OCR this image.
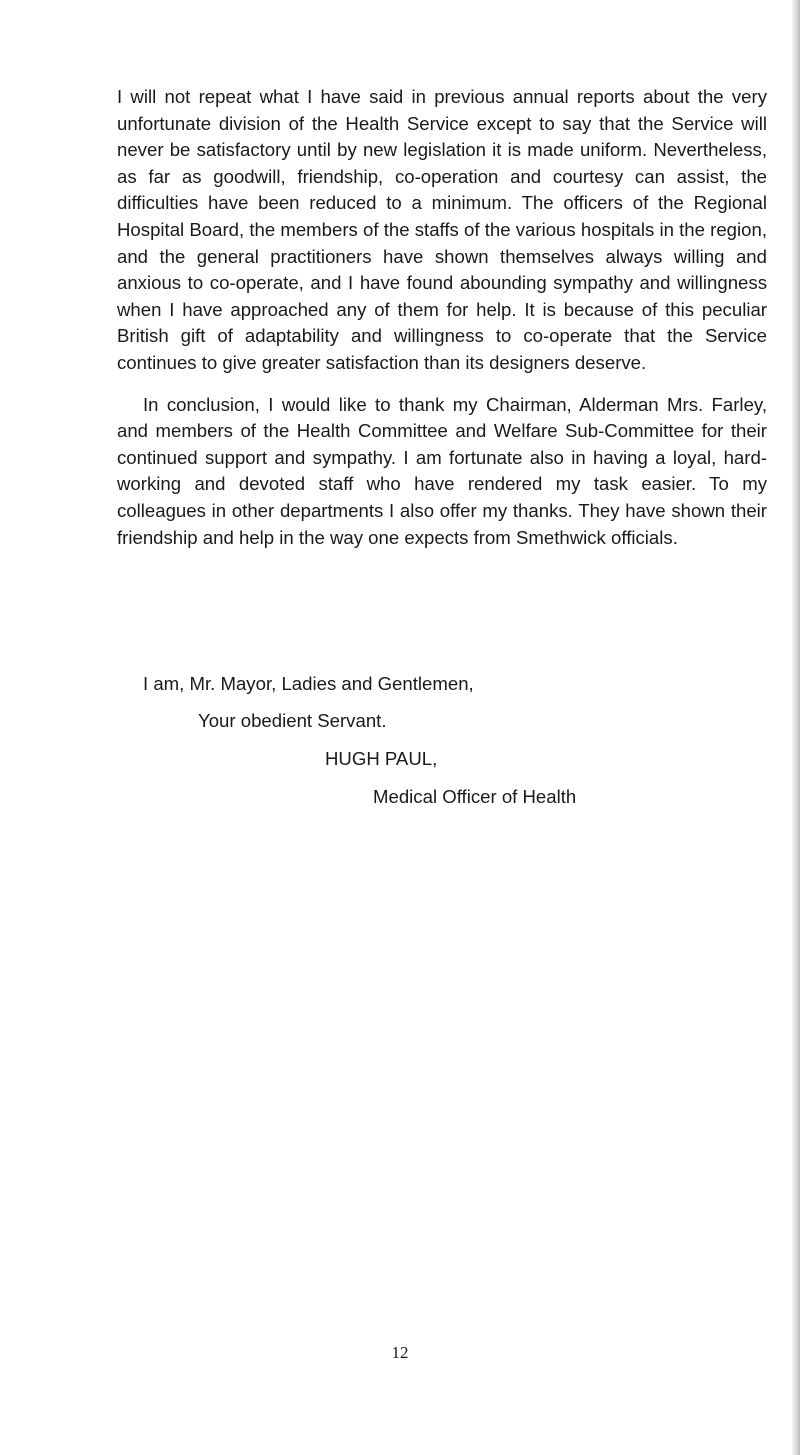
I will not repeat what I have said in previous annual reports about the very unfortunate division of the Health Service except to say that the Service will never be satisfactory until by new legislation it is made uniform. Nevertheless, as far as goodwill, friendship, co-operation and courtesy can assist, the difficulties have been reduced to a minimum. The officers of the Regional Hospital Board, the members of the staffs of the various hospitals in the region, and the general practitioners have shown themselves always willing and anxious to co-operate, and I have found abounding sympathy and willingness when I have approached any of them for help. It is because of this peculiar British gift of adaptability and willingness to co-operate that the Service continues to give greater satisfaction than its designers deserve.

In conclusion, I would like to thank my Chairman, Alderman Mrs. Farley, and members of the Health Committee and Welfare Sub-Committee for their continued support and sympathy. I am fortunate also in having a loyal, hard-working and devoted staff who have rendered my task easier. To my colleagues in other departments I also offer my thanks. They have shown their friendship and help in the way one expects from Smethwick officials.

I am, Mr. Mayor, Ladies and Gentlemen,
Your obedient Servant.
HUGH PAUL,
Medical Officer of Health
12
